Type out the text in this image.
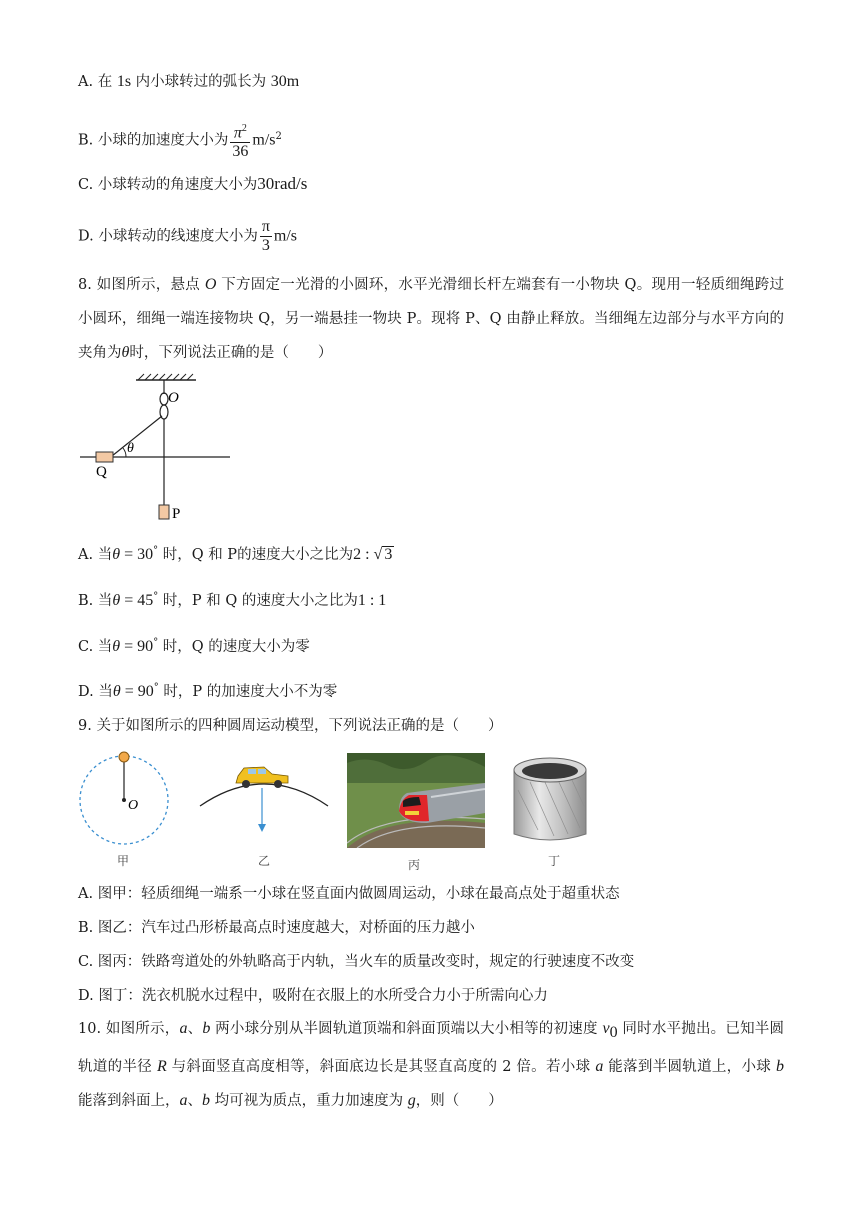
A. 在 1s 内小球转过的弧长为 30m
B. 小球的加速度大小为 $\frac{\pi^2}{36} m/s^2$
C. 小球转动的角速度大小为30rad/s
D. 小球转动的线速度大小为 $\frac{\pi}{3} m/s$
8. 如图所示，悬点 O 下方固定一光滑的小圆环，水平光滑细长杆左端套有一小物块 Q。现用一轻质细绳跨过小圆环，细绳一端连接物块 Q，另一端悬挂一物块 P。现将 P、Q 由静止释放。当细绳左边部分与水平方向的夹角为θ时，下列说法正确的是（　　）
O
θ
Q
P
A. 当θ = 30° 时，Q 和 P的速度大小之比为2 : √ 3
B. 当θ = 45° 时，P 和 Q 的速度大小之比为1 : 1
C. 当θ = 90° 时，Q 的速度大小为零
D. 当θ = 90° 时，P 的加速度大小不为零
9. 关于如图所示的四种圆周运动模型，下列说法正确的是（　　）
O
甲	乙	丙	丁
A. 图甲：轻质细绳一端系一小球在竖直面内做圆周运动，小球在最高点处于超重状态
B. 图乙：汽车过凸形桥最高点时速度越大，对桥面的压力越小
C. 图丙：铁路弯道处的外轨略高于内轨，当火车的质量改变时，规定的行驶速度不改变
D. 图丁：洗衣机脱水过程中，吸附在衣服上的水所受合力小于所需向心力
10. 如图所示，a、b 两小球分别从半圆轨道顶端和斜面顶端以大小相等的初速度 $v_0$ 同时水平抛出。已知半圆轨道的半径 R 与斜面竖直高度相等，斜面底边长是其竖直高度的 2 倍。若小球 a 能落到半圆轨道上，小球 b 能落到斜面上，a、b 均可视为质点，重力加速度为 g，则（　　）
